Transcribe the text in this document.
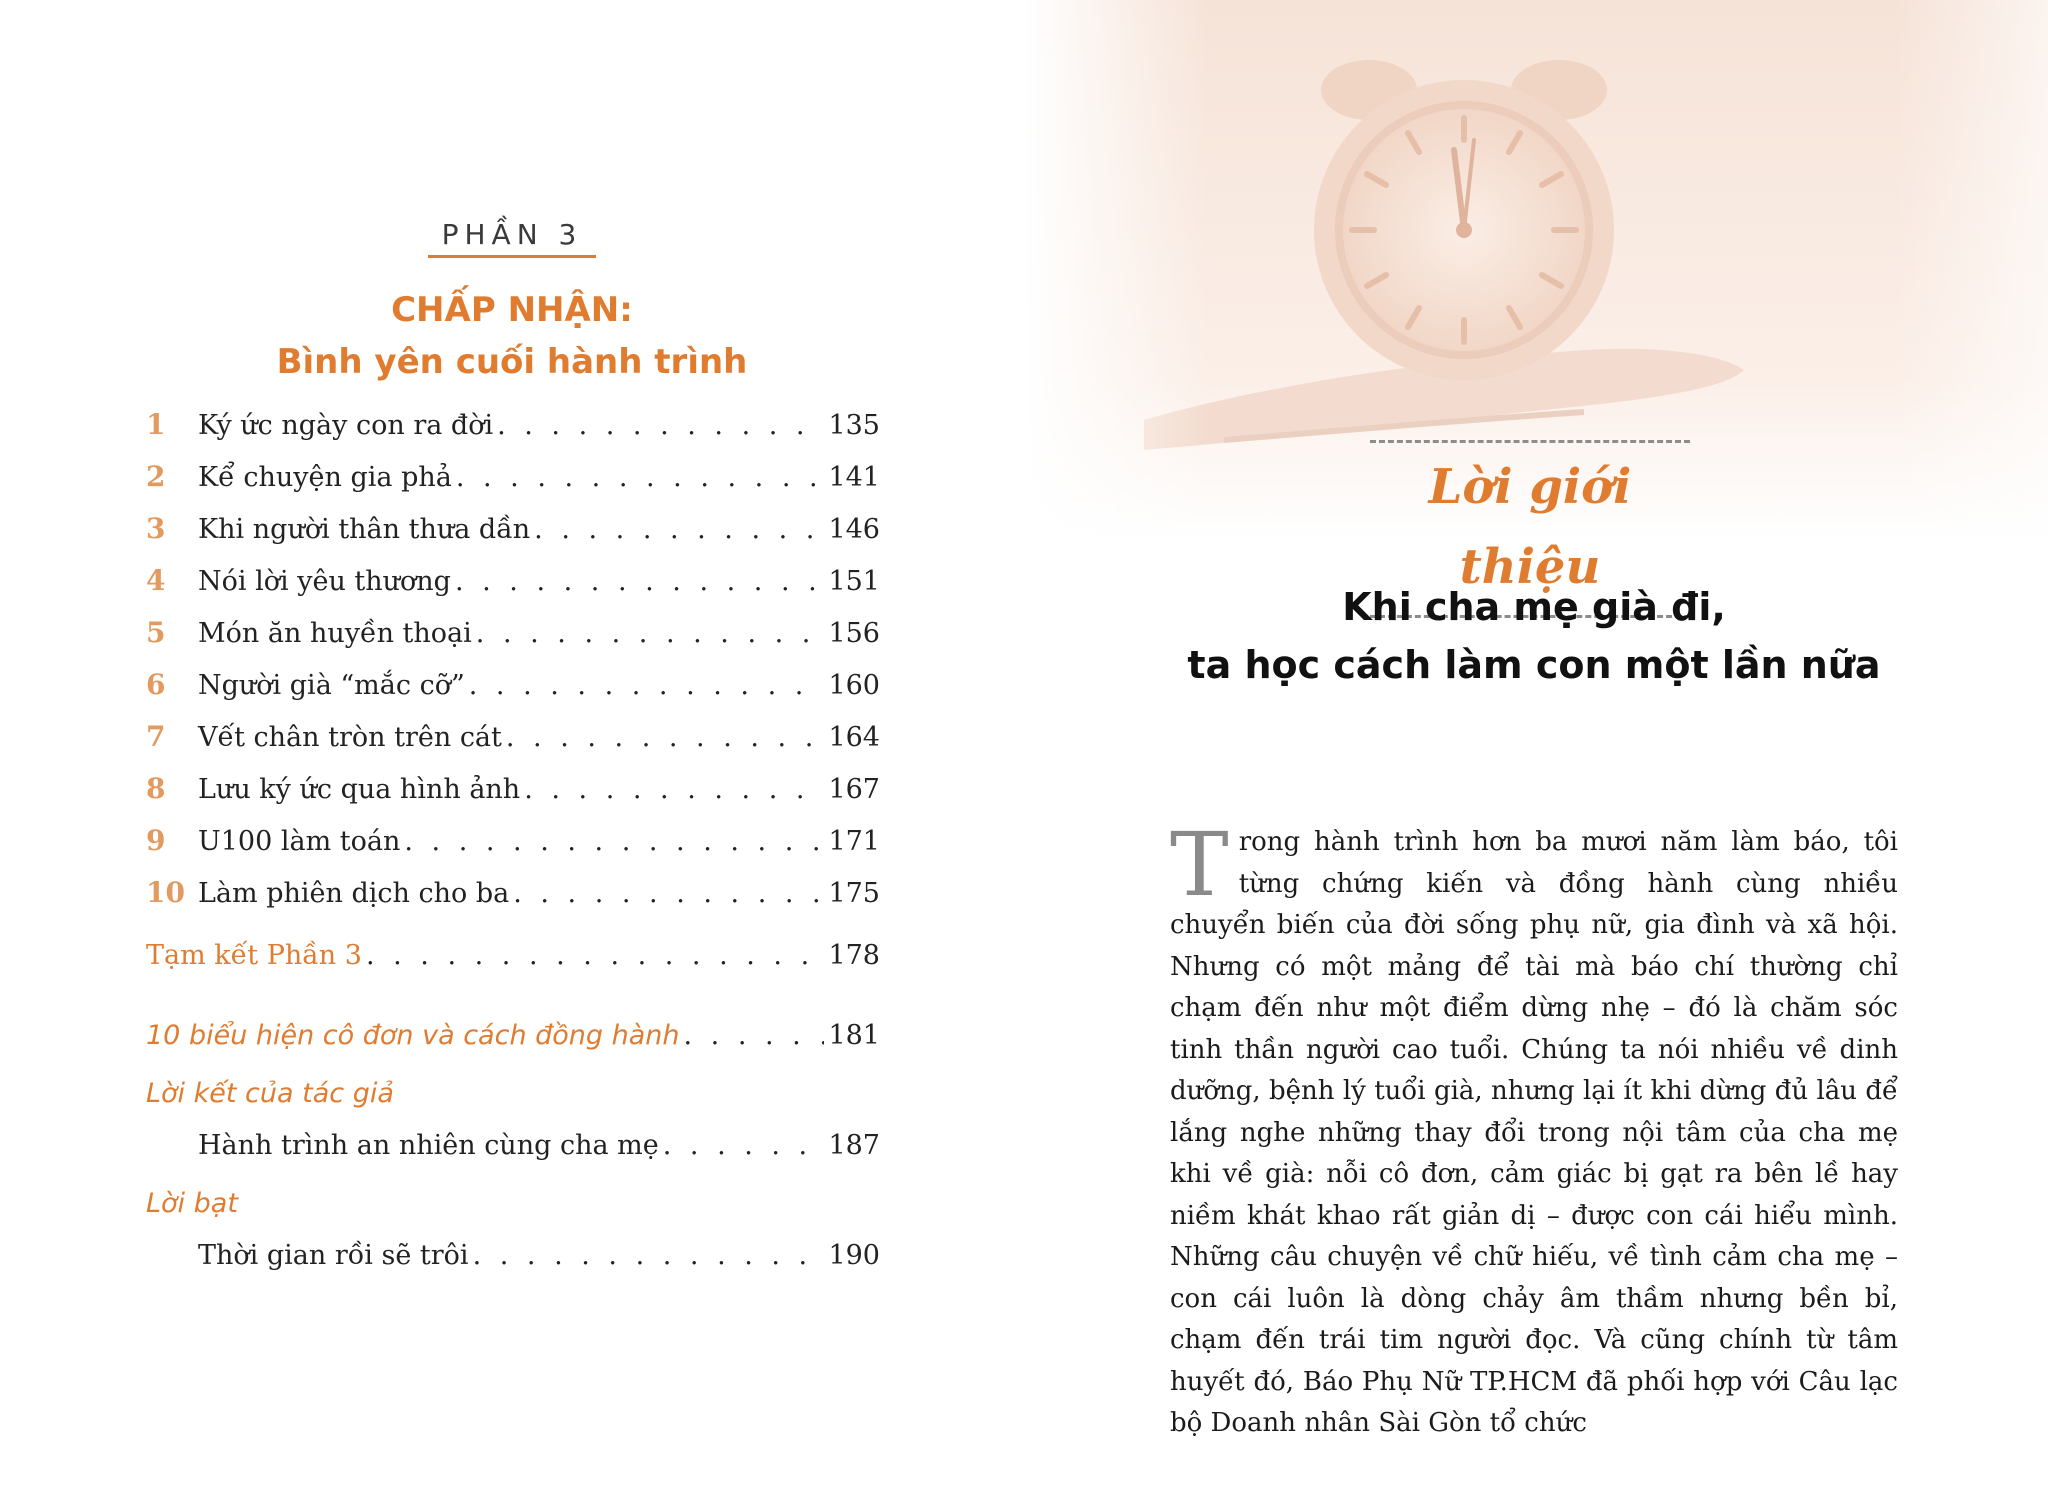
PHẦN 3
CHẤP NHẬN:
Bình yên cuối hành trình
1	Ký ức ngày con ra đời . . .	135
2	Kể chuyện gia phả . . .	141
3	Khi người thân thưa dần . . .	146
4	Nói lời yêu thương . . .	151
5	Món ăn huyền thoại . . .	156
6	Người già “mắc cỡ” . . .	160
7	Vết chân tròn trên cát . . .	164
8	Lưu ký ức qua hình ảnh . . .	167
9	U100 làm toán . . .	171
10 Làm phiên dịch cho ba . . .	175
Tạm kết Phần 3 . . .	178
10 biểu hiện cô đơn và cách đồng hành . . .	181
Lời kết của tác giả
Hành trình an nhiên cùng cha mẹ . . .	187
Lời bạt
Thời gian rồi sẽ trôi . . .	190
Lời giới thiệu
Khi cha mẹ già đi,
ta học cách làm con một lần nữa
Trong hành trình hơn ba mươi năm làm báo, tôi từng chứng kiến và đồng hành cùng nhiều chuyển biến của đời sống phụ nữ, gia đình và xã hội. Nhưng có một mảng để tài mà báo chí thường chỉ chạm đến như một điểm dừng nhẹ – đó là chăm sóc tinh thần người cao tuổi. Chúng ta nói nhiều về dinh dưỡng, bệnh lý tuổi già, nhưng lại ít khi dừng đủ lâu để lắng nghe những thay đổi trong nội tâm của cha mẹ khi về già: nỗi cô đơn, cảm giác bị gạt ra bên lề hay niềm khát khao rất giản dị – được con cái hiểu mình. Những câu chuyện về chữ hiếu, về tình cảm cha mẹ – con cái luôn là dòng chảy âm thầm nhưng bền bỉ, chạm đến trái tim người đọc. Và cũng chính từ tâm huyết đó, Báo Phụ Nữ TP.HCM đã phối hợp với Câu lạc bộ Doanh nhân Sài Gòn tổ chức
